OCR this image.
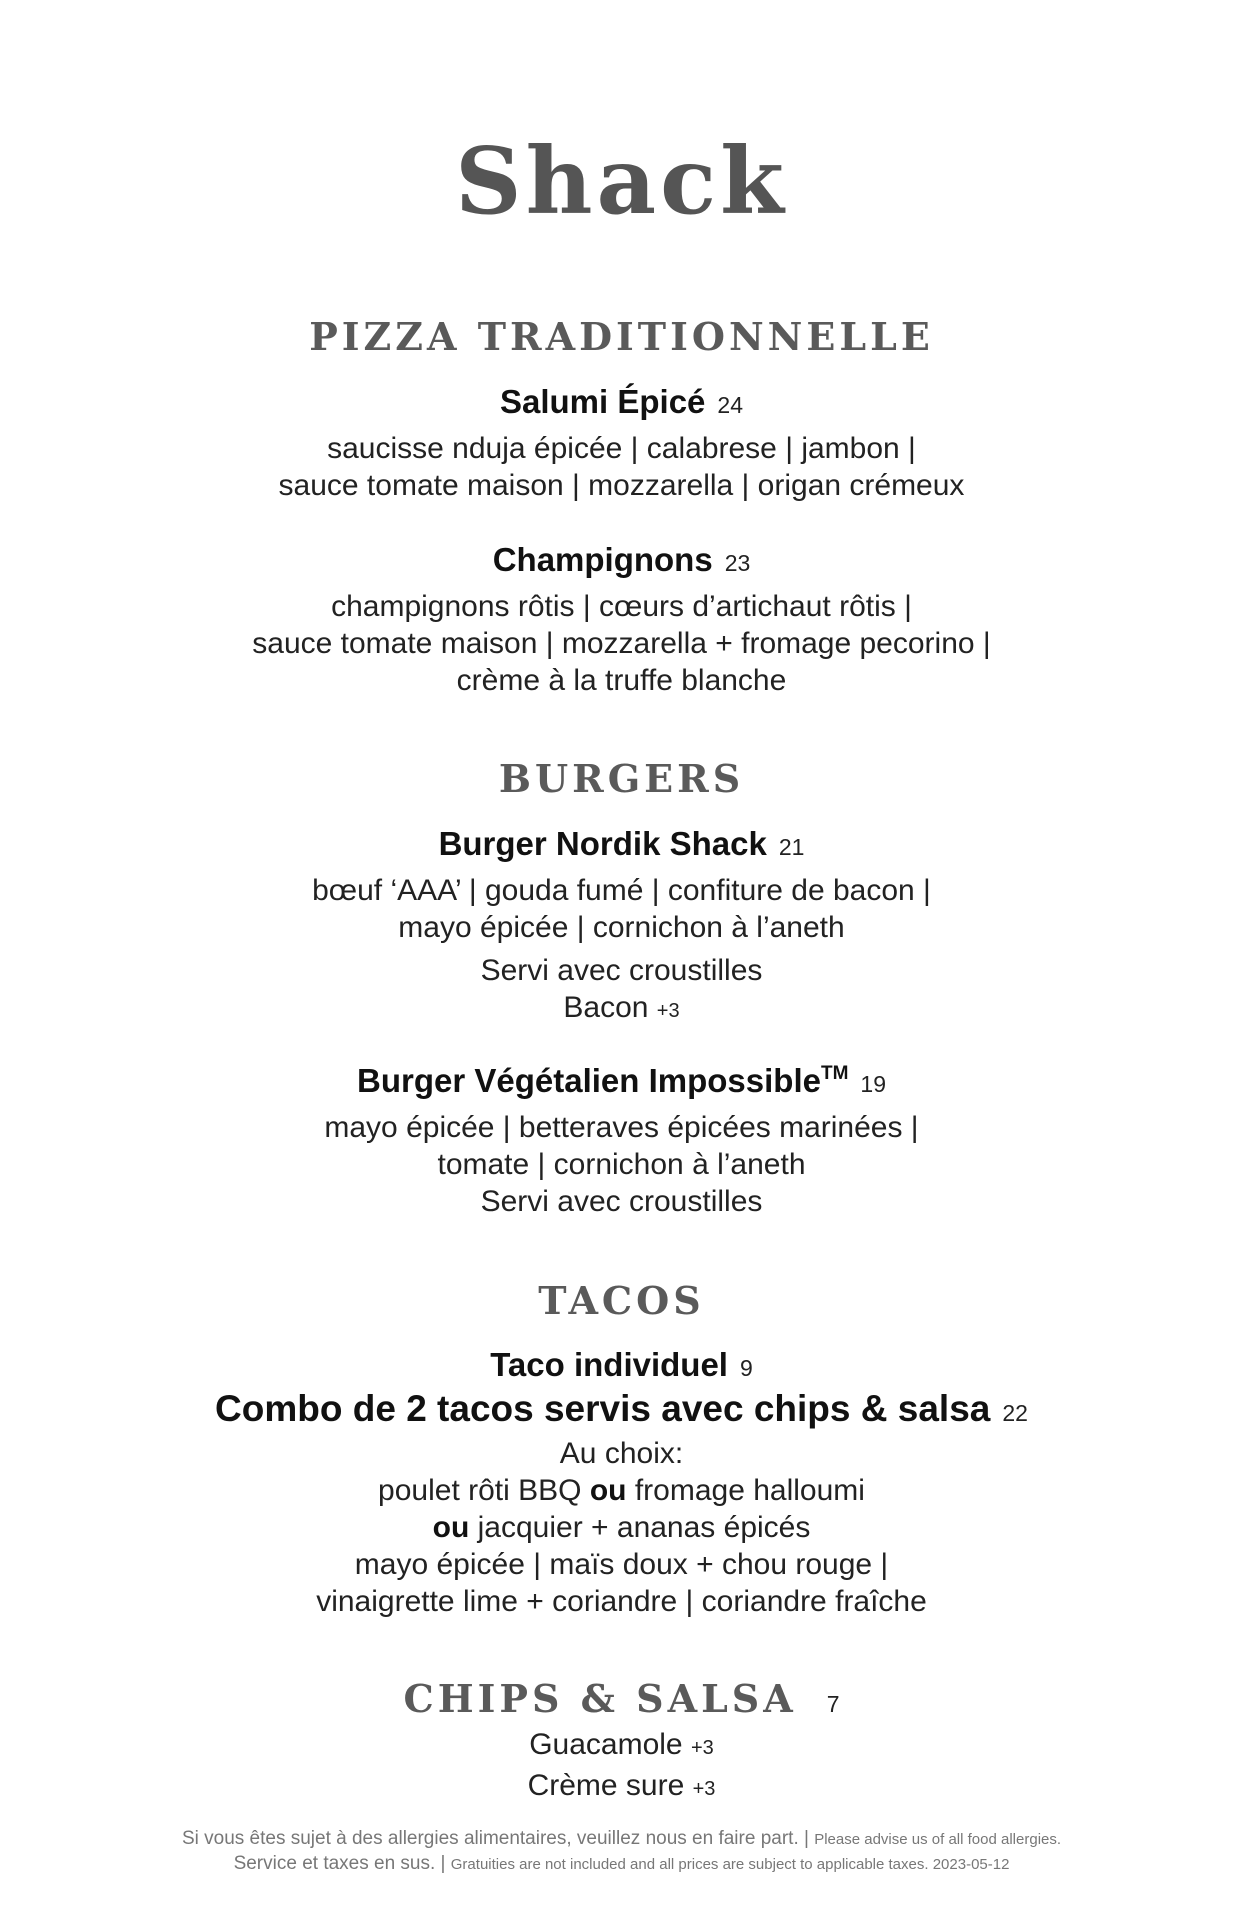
Shack
PIZZA TRADITIONNELLE
Salumi Épicé 24
saucisse nduja épicée | calabrese | jambon |
sauce tomate maison | mozzarella | origan crémeux
Champignons 23
champignons rôtis | cœurs d’artichaut rôtis |
sauce tomate maison | mozzarella + fromage pecorino |
crème à la truffe blanche
BURGERS
Burger Nordik Shack 21
bœuf ‘AAA’ | gouda fumé | confiture de bacon |
mayo épicée | cornichon à l’aneth
Servi avec croustilles
Bacon +3
Burger Végétalien Impossible™ 19
mayo épicée | betteraves épicées marinées |
tomate | cornichon à l’aneth
Servi avec croustilles
TACOS
Taco individuel 9
Combo de 2 tacos servis avec chips & salsa 22
Au choix:
poulet rôti BBQ ou fromage halloumi
ou jacquier + ananas épicés
mayo épicée | maïs doux + chou rouge |
vinaigrette lime + coriandre | coriandre fraîche
CHIPS & SALSA 7
Guacamole +3
Crème sure +3
Si vous êtes sujet à des allergies alimentaires, veuillez nous en faire part. | Please advise us of all food allergies.
Service et taxes en sus. | Gratuities are not included and all prices are subject to applicable taxes. 2023-05-12
